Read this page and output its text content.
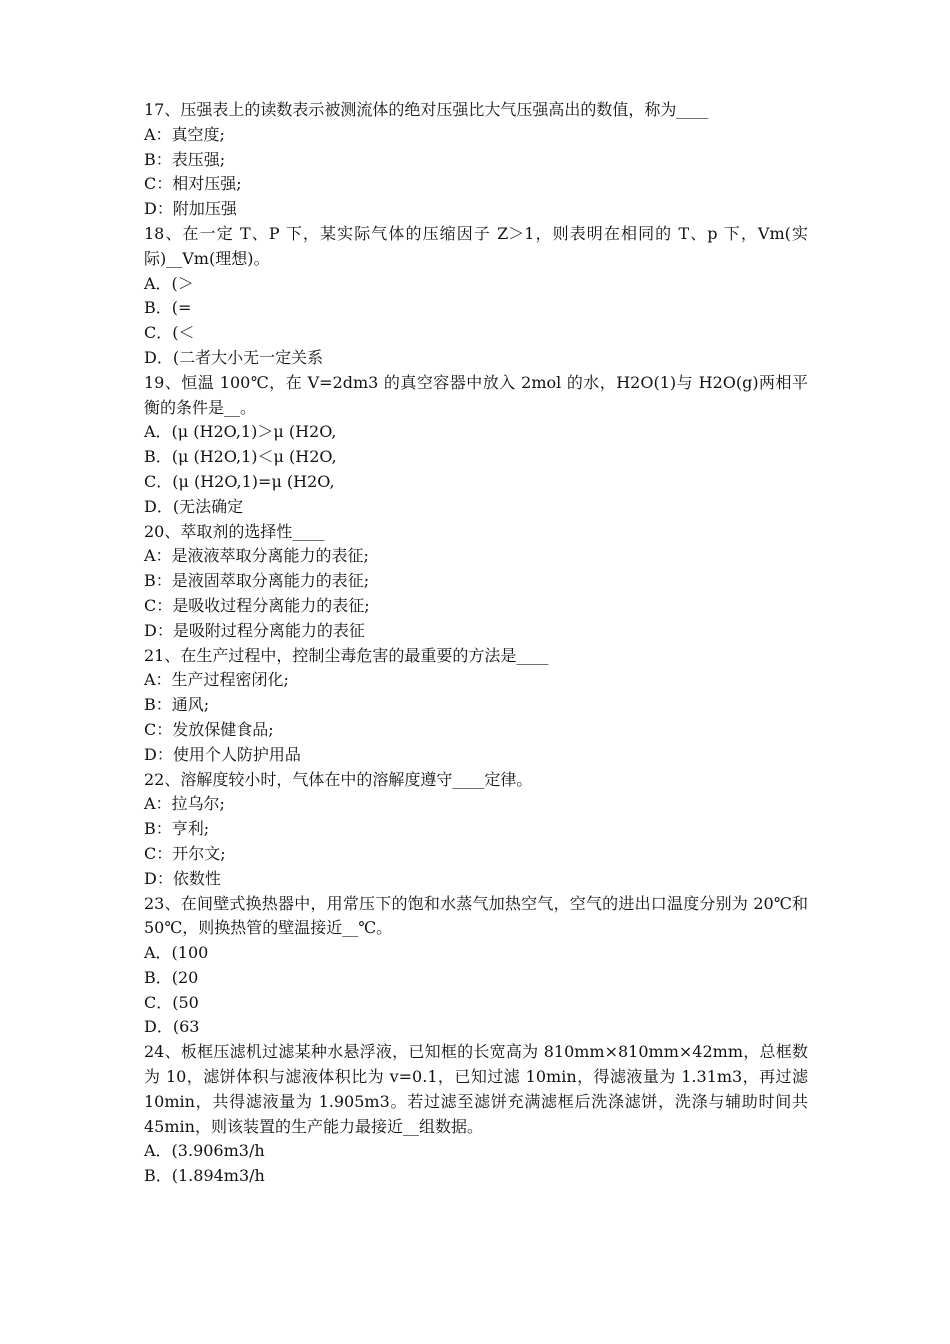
17、压强表上的读数表示被测流体的绝对压强比大气压强高出的数值，称为____

A：真空度;

B：表压强;

C：相对压强;

D：附加压强

18、在一定 T、P 下，某实际气体的压缩因子 Z＞1，则表明在相同的 T、p 下，Vm(实际)__Vm(理想)。

A．(＞

B．(=

C．(＜

D．(二者大小无一定关系

19、恒温 100℃，在 V=2dm3 的真空容器中放入 2mol 的水，H2O(1)与 H2O(g)两相平衡的条件是__。

A．(μ (H2O,1)＞μ (H2O,

B．(μ (H2O,1)＜μ (H2O,

C．(μ (H2O,1)=μ (H2O,

D．(无法确定

20、萃取剂的选择性____

A：是液液萃取分离能力的表征;

B：是液固萃取分离能力的表征;

C：是吸收过程分离能力的表征;

D：是吸附过程分离能力的表征

21、在生产过程中，控制尘毒危害的最重要的方法是____

A：生产过程密闭化;

B：通风;

C：发放保健食品;

D：使用个人防护用品

22、溶解度较小时，气体在中的溶解度遵守____定律。

A：拉乌尔;

B：亨利;

C：开尔文;

D：依数性

23、在间壁式换热器中，用常压下的饱和水蒸气加热空气，空气的进出口温度分别为 20℃和 50℃，则换热管的壁温接近__℃。

A．(100

B．(20

C．(50

D．(63

24、板框压滤机过滤某种水悬浮液，已知框的长宽高为 810mm×810mm×42mm，总框数为 10，滤饼体积与滤液体积比为 v=0.1，已知过滤 10min，得滤液量为 1.31m3，再过滤 10min，共得滤液量为 1.905m3。若过滤至滤饼充满滤框后洗涤滤饼，洗涤与辅助时间共 45min，则该装置的生产能力最接近__组数据。

A．(3.906m3/h

B．(1.894m3/h
